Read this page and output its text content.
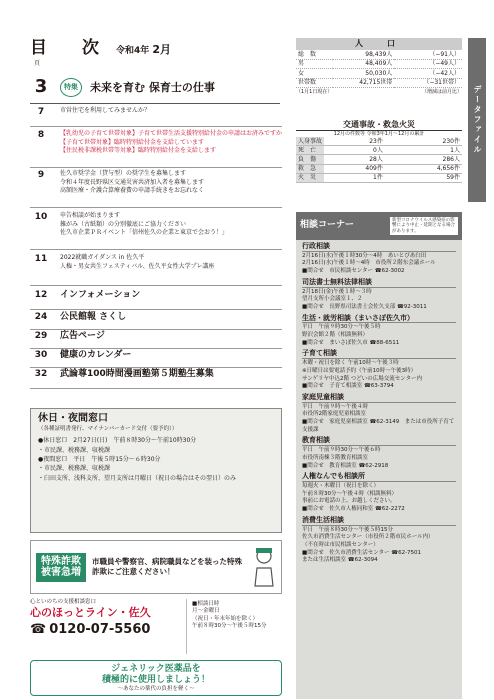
目　次 令和4年 2月
頁
3	特集	未来を育む 保育士の仕事
7	市営住宅を利用してみませんか？
8	【乳幼児の子育て世帯対象】子育て世帯生活支援特別給付金の申請はお済みですか
【子育て世帯対象】臨時特別給付金を支給しています
【住民税非課税世帯等対象】臨時特別給付金を支給します
9	佐久市奨学金（貸与型）の奨学生を募集します
令和４年度長野県区交通災害共済加入者を募集します
高額医療・介護合算療養費の申請手続きをお忘れなく
10	申告相談が始まります
雑がみ（古紙類）の分別徹底にご協力ください
佐久市企業ＰＲイベント「信州佐久の企業と東京で会おう！」
11	2022就職ガイダンス in 佐久平
人権・男女共生フェスティバル、佐久平女性大学プレ講座
12	インフォメーション
24	公民館報 さくし
29	広告ページ
30	健康のカレンダー
32	武論尊100時間漫画塾第５期塾生募集
休日・夜間窓口
（各種証明書発行、マイナンバーカード交付（要予約））
●休日窓口　2月27日(日)　午前８時30分～午前10時30分
・市民課、税務課、収税課
●夜間窓口　平日　午後５時15分～６時30分
・市民課、税務課、収税課
・臼田支所、浅科支所、望月支所は月曜日（祝日の場合はその翌日）のみ
特殊詐欺被害急増
市職員や警察官、病院職員などを装った特殊詐欺にご注意ください！
心といのちの支援相談窓口
心のほっとライン・佐久
☎ 0120-07-5560
■相談日時
月～金曜日
（祝日・年末年始を除く）
午前８時30分～午後５時15分
ジェネリック医薬品を
積極的に使用しましょう！
～あなたの薬代の負担を軽く～
人　口
総　数	98,439人	（−91人）
男	48,409人	（−49人）
女	50,030人	（−42人）
世帯数	42,715世帯	（−31世帯）
（1月1日現在）	（増減は前月比）	データファイル
交通事故・救急火災
12月の件数等 令和3年1月～12月の累計
人身事故	23件	230件
死　亡	0人	1人
負　傷	28人	286人
救　急	409件	4,656件
火　災	1件	59件
相談コーナー
新型コロナウイルス感染症の影響により中止・延期となる場合があります。
行政相談
2月16日(水)午後１時30分～4時　あいとぴあ臼田
2月16日(水)午後１時～4時　市役所２階东会議ホール
■問合せ　市民相談センター ☎62-3002
司法書士無料法律相談
2月18日(金)午後１時～３時
望月支所小会議室１、２
■問合せ　長野県司法書士会佐久支部 ☎92-3011
生活・就労相談（まいさぽ佐久市）
平日　午前９時30分～午後５時
野沢会館２階（相談無料）
■問合せ　まいさぽ佐久市 ☎88-6511
子育て相談
木曜・祝日を除く 午前10時～午後３時
※日曜日は要電話予約（午前10時～午後3時）
サンゲリヤ中込2階 つどいの広場交流センター内
■問合せ　子育て相談室 ☎63-3794
家庭児童相談
平日　午前９時～午後４時
市役所2階家庭児童相談室
■問合せ　家庭児童相談室 ☎62-3149　または市役所子育て支援課
教育相談
平日　午前９時30分～午後６時
市役所南棟３階教育相談室
■問合せ　教育相談室 ☎62-2918
人権なんでも相談所
毎週火・木曜日（祝日を除く）
午前８時30分～午後４時（相談無料）
事前にお電話の上、お越しください。
■問合せ　佐久市人権同和室 ☎62-2272
消費生活相談
平日　午前８時30分～午後５時15分
佐久市消費生活センター（市役所２階市民ホール内）
（不在時は市民相談センター）
■問合せ　佐久市消費生活センター ☎62-7501
または生活相談室 ☎62-3094
